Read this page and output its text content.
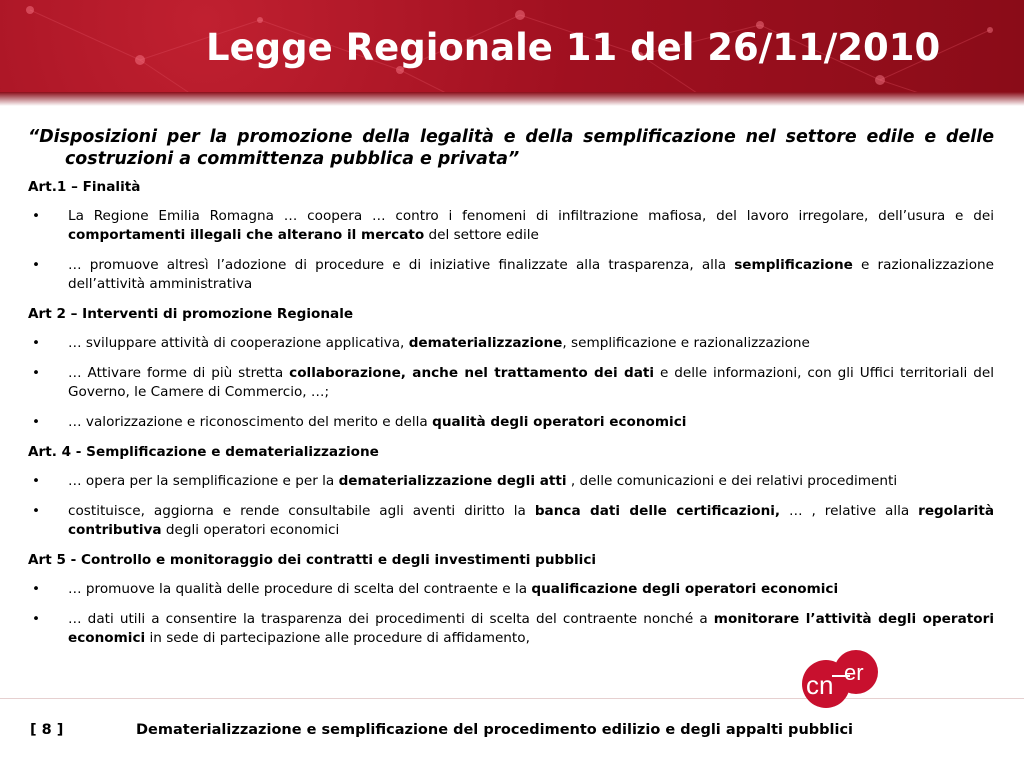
Legge Regionale 11 del 26/11/2010

“Disposizioni per la promozione della legalità e della semplificazione nel settore edile e delle costruzioni a committenza pubblica e privata”

Art.1 – Finalità

• La Regione Emilia Romagna … coopera … contro i fenomeni di infiltrazione mafiosa, del lavoro irregolare, dell’usura e dei comportamenti illegali che alterano il mercato del settore edile

• … promuove altresì l’adozione di procedure e di iniziative finalizzate alla trasparenza, alla semplificazione e razionalizzazione dell’attività amministrativa

Art 2 – Interventi di promozione Regionale

• … sviluppare attività di cooperazione applicativa, dematerializzazione, semplificazione e razionalizzazione

• … Attivare forme di più stretta collaborazione, anche nel trattamento dei dati e delle informazioni, con gli Uffici territoriali del Governo, le Camere di Commercio, …;

• … valorizzazione e riconoscimento del merito e della qualità degli operatori economici

Art. 4 - Semplificazione e dematerializzazione

• … opera per la semplificazione e per la dematerializzazione degli atti , delle comunicazioni e dei relativi procedimenti

• costituisce, aggiorna e rende consultabile agli aventi diritto la banca dati delle certificazioni, … , relative alla regolarità contributiva degli operatori economici

Art 5 - Controllo e monitoraggio dei contratti e degli investimenti pubblici

• … promuove la qualità delle procedure di scelta del contraente e la qualificazione degli operatori economici

• … dati utili a consentire la trasparenza dei procedimenti di scelta del contraente nonché a monitorare l’attività degli operatori economici in sede di partecipazione alle procedure di affidamento,

[ 8 ]	Dematerializzazione e semplificazione del procedimento edilizio e degli appalti pubblici
cn er
